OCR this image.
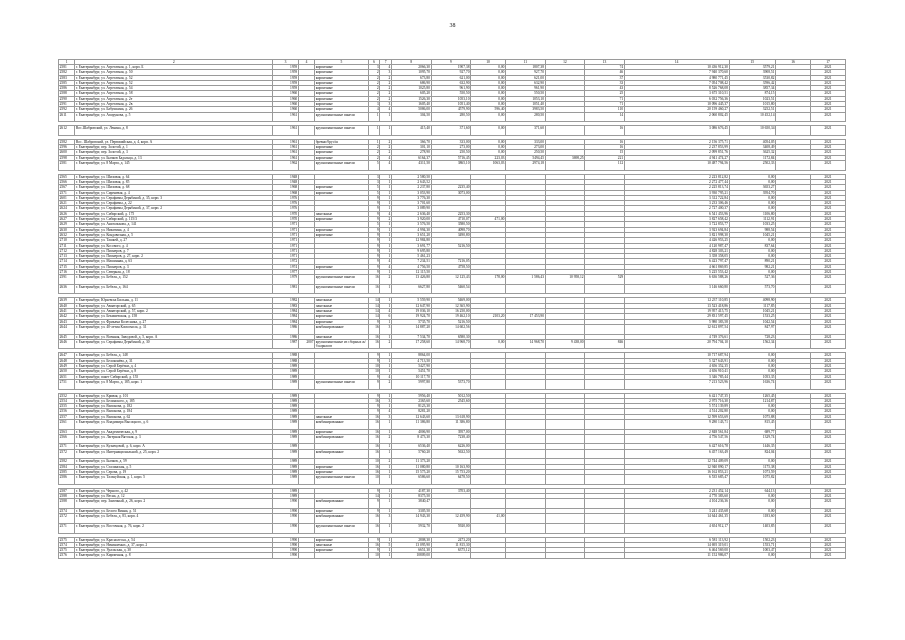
38
1	2	3	4	5	6	7	8	9	10	11	12	13	14	15	16	17
2581	г. Екатеринбург, ул. Агрегатная, д. 1, корп. Б	1959		кирпичные	3	4	2066,30	1907,38	0,00	1807,38		74	10 436 912,30	3579,21		2021
2582	г. Екатеринбург, ул. Агрегатная, д. 50	1959		кирпичные	2	3	1095,70	927,70	0,00	927,70		46	7 940 370,60	3908,51		2021
2583	г. Екатеринбург, ул. Агрегатная, д. 52	1959		кирпичные	2	2	673,80	621,00	0,00	621,00		37	4 980 771,45	3530,82		2021
2585	г. Екатеринбург, ул. Агрегатная, д. 52	1959		кирпичные	2	2	686,90	632,90	0,00	632,90		33	7 054 708,42	3596,42		2021
2586	г. Екатеринбург, ул. Агрегатная, д. 54	1959		кирпичные	2	2	1025,80	961,90	0,00	961,90		43	8 526 768,08	3857,34		2021
2588	г. Екатеринбург, ул. Агрегатная, д. 58	1960		кирпичные	2	2	605,20	550,50	0,00	550,50		25	3 675 310,51	874,15		2021
2590	г. Екатеринбург, ул. Агрегатная, д. 2е	1960		кирпичные	2	2	1526,30	1053,10	0,00	1053,10		71	6 032 756,36	1023,51		2021
2591	г. Екатеринбург, ул. Агрегатная, д. 2в	1960		кирпичные	3	3	1605,40	1051,40	0,00	1051,40		71	10 096 445,37	1015,80		2021
2592	г. Екатеринбург, ул. Бабушкина, д. 26	1960		кирпичные	4	4	5086,00	4579,90	596,40	3983,50		110	20 159 460,27	3252,51		2021
2611	г. Екатеринбург, ул. Апорунова, д. 5	1961		крупнопанельные панели	1	1	304,50	280,50	0,00	280,50		14	2 060 802,45	10 452,14		2021

2612	Вос.Шабровский, ул. Ленина, д. 8	1961		крупнопанельные панели	1	1	415,40	371,60	0,00	371,60		16	3 086 676,45	10 650,34		2021

2582	Вос. Шабровский, ул. Первомайская, д. 4, корп. А	1961		бревно/брус/ш	1	2	366,70	333,00	0,00	333,00		16	2 156 375,71	4054,05		2021
2596	г. Екатеринбург, пер. Золотой, д. 1	1961		кирпичные	2	2	301,10	273,00	0,00	273,00		16	2 237 853,99	3408,49		2021
2600	г. Екатеринбург, пер. Золотой, д. 3	1961		кирпичные	2	2	278,90	250,50	0,00	250,50		15	2 099 851,76	3625,32		2021
2598	г. Екатеринбург, ул. Бычков Бадальца, д. 13	1961		кирпичные	2	4	6164,37	5716,45	223,03	5494,45	3698,25	221	4 941 474,27	1172,84		2021
2581	г. Екатеринбург, ул. 8 Марта, д. 145	1962		крупнопанельные панели	5	4	4311,50	3865,10	1063,03	2974,18		112	10 487 794,56	2502,33		2021

2565	г. Екатеринбург, ул. Шиловая, д. 64	1948			3	1	2 580,50						2 223 812,82	0,00		2021
2566	г. Екатеринбург, ул. Шиловая, д. 85	1948			3	1	2 643,52						2 272 477,44	0,00		2021
2567	г. Екатеринбург, ул. Шиловая, д. 68	1968		кирпичные	5	1	2 237,80	2235,40					2 225 813,74	3653,27		2021
2571	г. Екатеринбург, ул. Сиреневая, д. 4	1968		кирпичные	5	1	3 053,90	3073,00					3 930 795,21	3954,70		2021
2601	г. Екатеринбург, ул. Серафимы Дерябиной, д. 35, корп. 3	1976			9	1	3 776,30						3 312 722,84	0,00		2021
2621	г. Екатеринбург, ул. Серафимы, д. 22	1976			9	1	3 701,60						3 233 306,46	0,00		2021
2624	г. Екатеринбург, ул. Серафимы Дерябиной, д. 37, корп. 2	1976			9	1	3 089,90						2 727 400,37	0,00		2021
2626	г. Екатеринбург, ул. Сибирский, д. 175	1970		панельные	9	4	2 636,40	2253,30					6 541 453,96	1106,80		2021
2627	г. Екатеринбург, ул. Сибирский, д. 115/3	1970		кирпичные	9	2	3 920,00	4710,07	471,00				3 827 658,42	1112,91		2021
2629	г. Екатеринбург, ул. Анатолькова, д. 141	1971			5	1	3 576,50	3580,50					3 722 853,77	1033,25		2021
2630	г. Екатеринбург, ул. Никитина, д. 4	1971		кирпичные	9	1	4 994,30	4098,70					3 923 694,84	988,54		2021
2632	г. Екатеринбург, ул. Кондавозная, д. 5	1971		кирпичные	9	1	3 651,20	3490,80					3 821 998,30	1045,21		2021
2710	г. Екатеринбург, ул. Ташкей, д. 27	1971			9	1	12 984,80						4 426 953,25	0,00		2021
2711	г. Екатеринбург, ул. Косового, д. 4	1971			9	1	3 691,77	5216,50					4 120 987,47	837,64		2021
2712	г. Екатеринбург, ул. Пионеров, д. 7	1971			9	1	9 695,80						4 828 303,21	0,00		2021
2713	г. Екатеринбург, ул. Пионеров, д. 27, корп. 2	1971			9	1	5 461,23						3 358 358,05	0,00		2021
2714	г. Екатеринбург, ул. Машинная, д. 63	1972			9	4	7 234,51	7216,05					6 423 797,47	890,21		2021
2715	г. Екатеринбург, ул. Пионеров, д. 3	1974		кирпичные	9	4	4 756,50	4758,50					4 661 869,85	982,21		2021
2716	г. Екатеринбург, ул. Северная, д. 18	1977			9	1	12 115,50						5 225 553,42	0,00		2021
2591	г. Екатеринбург, ул. Бебеля, д. 152	1979		крупнопанельные панели	16	2	13 426,80	12 125,43	178,00	1 586,43	10 958,12	529	6 636 588,26	527,36		2021
2636	г. Екатеринбург, ул. Бебеля, д. 164	1981		крупнопанельные панели	16	1	6627,80	5460,54					3 146 660,80	573,70		2021

2639	г. Екатеринбург, Юрьевска Бильны, д. 11	1982		панельные	14	1	5 559,90	5469,00					12 237 110,85	4098,90		2021
2640	г. Екатеринбург, ул. Авиаторский, д. 65	1983		панельные	14	1	12 647,90	12 365,90					13 523 418,86	1117,85		2021
2641	г. Екатеринбург, ул. Авиаторский, д. 57, корп. 2	1984		панельные	14	4	19 036,10	16 250,00					19 957 415,75	1045,21		2021
2642	г. Екатеринбург, ул. Бекишевская, д. 158	1984		кирпичные	14	6	19 924,70	19 462,10	2103,20	17 453,90			29 831 597,45	1533,25		2021
2643	г. Екатеринбург, ул. Фрикама Колесника, д. 27	1984		кирпичные	9	1	5735,70	5216,50					5 980 383,58	1042,54		2021
2644	г. Екатеринбург, ул. 40-летия Комсомола, д. 31	1986		комбинированные	16	3	14 887,20	14 602,56					12 612 897,54	847,97		2021
2645	г. Екатеринбург, ул. Военная, Заводовой, д. 5, корп. А	1986		панельные	16	1	7 534,70	6580,30					4 749 376,61	728,23		2021
2646	г. Екатеринбург, ул. Серафимы Дерябиной, д. 30	1987	2007	крупнопанельные из сборных ж/б каркасов	16	2	17 258,60	14 968,70	0,00	14 968,70	9 438,00	846	20 794 704,10	1562,34		2021

2647	г. Екатеринбург, ул. Бебеля, д. 148	1988			9	1	8864,00						10 717 687,94	0,00		2021
2648	г. Екатеринбург, ул. Белоконёва, д. 31	1988			9	1	4 713,50						5 327 643,91	0,00		2021
2649	г. Екатеринбург, ул. Серой Берёзки, д. 4	1989			10	1	5427,90						4 656 352,35	0,00		2021
2650	г. Екатеринбург, ул. Серой Берёзки, д. 8	1989			10	1	5451,70						4 656 910,41	0,00		2021
2651	г. Екатеринбург, пакет Сибирский, д. 155	1989			9	4	10 117,70						3 346 785,44	1053,35		2021
2751	г. Екатеринбург, ул. 8 Марта, д. 185, корп. 1	1989		крупнопанельные панели	9	2	5997,80	5373,70					7 213 523,96	1636,74		2021

2552	г. Екатеринбург, ул. Кривая, д. 101	1989			9	1	5956,40	5012,50					6 421 747,35	1265,45		2021
2554	г. Екатеринбург, ул. Белинского, д. 185	1989			16	3	2365,60	2545,60					2 975 716,30	1214,87		2021
2555	г. Екатеринбург, ул. Вилонова, д. 182	1989			9	1	8123,30						5 574 139,89	0,00		2021
2556	г. Екатеринбург, ул. Вилонова, д. 184	1989			9	4	8281,20						4 514 202,80	0,00		2021
2557	г. Екатеринбург, ул. Вилонова, д. 62	1989		панельные	16	3	12 643,60	13 618,90					12 599 653,69	1075,88		2021
2561	г. Екатеринбург, ул. Владимира Высоцкого, д. 6	1989		комбинированные	16	1	11 386,80	11 386,80					9 280 143,71	815,45		2021
2563	г. Екатеринбург, ул. Академическая, д. 9	1989		кирпичные	16	1	4006,90	3957,00					2 848 561,84	689,77		2021
2566	г. Екатеринбург, ул. Лагерная Вятская, д. 3	1989		комбинированные	16	2	8 473,30	7238,40					4 756 547,56	1329,74		2021
2571	г. Екатеринбург, ул. Кузнецовой, д. 6, корп. А	1989			16	1	6536,40	6226,00					6 427 616,78	1446,35		2021
2572	г. Екатеринбург, ул. Интернациональной, д. 25, корп. 2	1989		комбинированные	16	1	5760,20	5632,50					6 457 163,49	824,04		2021
2582	г. Екатеринбург, ул. Бычков, д. 59	1989			10	2	11 373,20						12 744 409,09	0,00		2021
2584	г. Екатеринбург, ул. Сталинская, д. 5	1989		кирпичные	16	1	11 080,80	10 163,90					12 940 890,17	1175,38		2021
2585	г. Екатеринбург, ул. Серова, д. 19	1989		кирпичные	16	1	15 575,20	15 753,20					16 162 853,21	1073,59		2021
2586	г. Екатеринбург, ул. Тальчуйская, д. 1, корп. 5	1989		крупнопанельные панели	10	1	6586,60	6478,50					6 535 685,47	1075,82		2021

2587	г. Екатеринбург, ул. Черного, д. 42	1989			9	1	4187,30	3703,40					2 231 452,14	644,13		2021
2588	г. Екатеринбург, ул. Весна, д. 12	1989			14	1	8375,50						4 770 383,60	0,00		2021
2588	г. Екатеринбург, пер. Замочный, д. 26, корп. 2	1990		комбинированные	9	1	3840,47						4 104 236,36	0,00		2021
2574	г. Екатеринбург, ул. Белого Винна, д. 51	1990		кирпичные	9	1	3305,50						3 241 435,68	0,00		2021
2572	г. Екатеринбург, ул. Бебеля, д. 83, корп. 4	1990		комбинированные	16	3	14 943,30	12 459,90	41,00				14 644 461,35	1183,60		2021
2571	г. Екатеринбург, ул. Восточная, д. 76, корп. 2	1990		крупнопанельные панели	16	1	5932,70	5920,00					4 654 912,17	1403,85		2021

2575	г. Екатеринбург, ул. Краснолесья, д. 54	1990		кирпичные	9	1	2808,30	2473,20					6 581 113,92	1502,23		2021
2574	г. Екатеринбург, ул. Начинаемых, д. 37, корп. 2	1990		панельные	16	5	13 095,90	11 815,30					14 695 319,01	1553,71		2021
2575	г. Екатеринбург, ул. Уральская, д. 30	1990		кирпичные	9	1	6651,30	6375,12					6 464 569,00	1003,47		2021
2576	г. Екатеринбург, ул. Кирпичная, д. 8	1990			10	1	10809,00						11 152 986,07	0,00		2021
